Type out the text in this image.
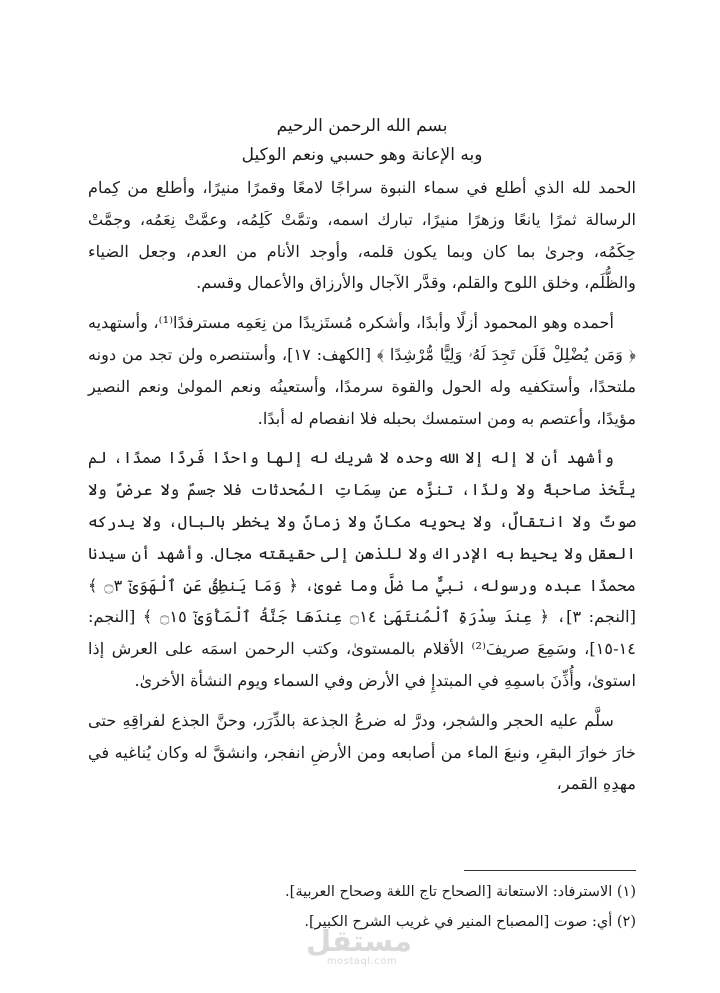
بسم الله الرحمن الرحيم
وبه الإعانة وهو حسبي ونعم الوكيل

الحمد لله الذي أطلع في سماء النبوة سراجًا لامعًا وقمرًا منيرًا، وأطلع من كِمام الرسالة ثمرًا يانعًا وزهرًا منيرًا، تبارك اسمه، وتمَّتْ كَلِمُه، وعمَّتْ نِعَمُه، وجمَّتْ حِكَمُه، وجرىٰ بما كان وبما يكون قلمه، وأوجد الأنام من العدم، وجعل الضياء والظُّلَم، وخلق اللوح والقلم، وقدَّر الآجال والأرزاق والأعمال وقسم.

أحمده وهو المحمود أزلًا وأبدًا، وأشكره مُستَزيدًا من نِعَمِه مسترفدًا⁽¹⁾، وأستهديه ﴿ وَمَن يُضْلِلْ فَلَن تَجِدَ لَهُۥ وَلِيًّا مُّرْشِدًا ﴾ [الكهف: ١٧]، وأستنصره ولن تجد من دونه ملتحدًا، وأستكفيه وله الحول والقوة سرمدًا، وأستعينُه ونعم المولىٰ ونعم النصير مؤيدًا، وأعتصم به ومن استمسك بحبله فلا انفصام له أبدًا.

وأشهد أن لا إله إلا الله وحده لا شريك له إلها واحدًا فَردًا صمدًا، لم يتَّخذ صاحبةً ولا ولدًا، تنزَّه عن سِمَاتِ المُحدثات فلا جسمٌ ولا عرضٌ ولا صوتٌ ولا انتقالٌ، ولا يحويه مكانٌ ولا زمانٌ ولا يخطر بالبال، ولا يدركه العقل ولا يحيط به الإدراك ولا للذهن إلى حقيقته مجال. وأشهد أن سيدنا محمدًا عبده ورسوله، نبيٌّ ما ضلَّ وما غوىٰ، ﴿ وَمَا يَنطِقُ عَنِ ٱلْهَوَىٰٓ ۝٣ ﴾ [النجم: ٣]، ﴿ عِندَ سِدْرَةِ ٱلْمُنتَهَىٰ ۝١٤ عِندَهَا جَنَّةُ ٱلْمَأْوَىٰٓ ۝١٥ ﴾ [النجم: ١٤-١٥]، وسَمِعَ صريفَ⁽²⁾ الأقلام بالمستوىٰ، وكتب الرحمن اسمَه على العرش إذا استوىٰ، وأُذِّنَ باسمِهِ في المبتدإِ في الأرض وفي السماء ويوم النشأة الأخرىٰ.

سلَّم عليه الحجر والشجر، ودرَّ له ضرعُ الجذعة بالدِّرَر، وحنَّ الجذع لفراقِهِ حتى خارَ خوارَ البقرِ، ونبعَ الماء من أصابعه ومن الأرضِ انفجر، وانشقَّ له وكان يُناغيه في مهدِهِ القمر،

(١) الاسترفاد: الاستعانة [الصحاح تاج اللغة وصحاح العربية].

(٢) أي: صوت [المصباح المنير في غريب الشرح الكبير].

مستقل
mostaql.com
